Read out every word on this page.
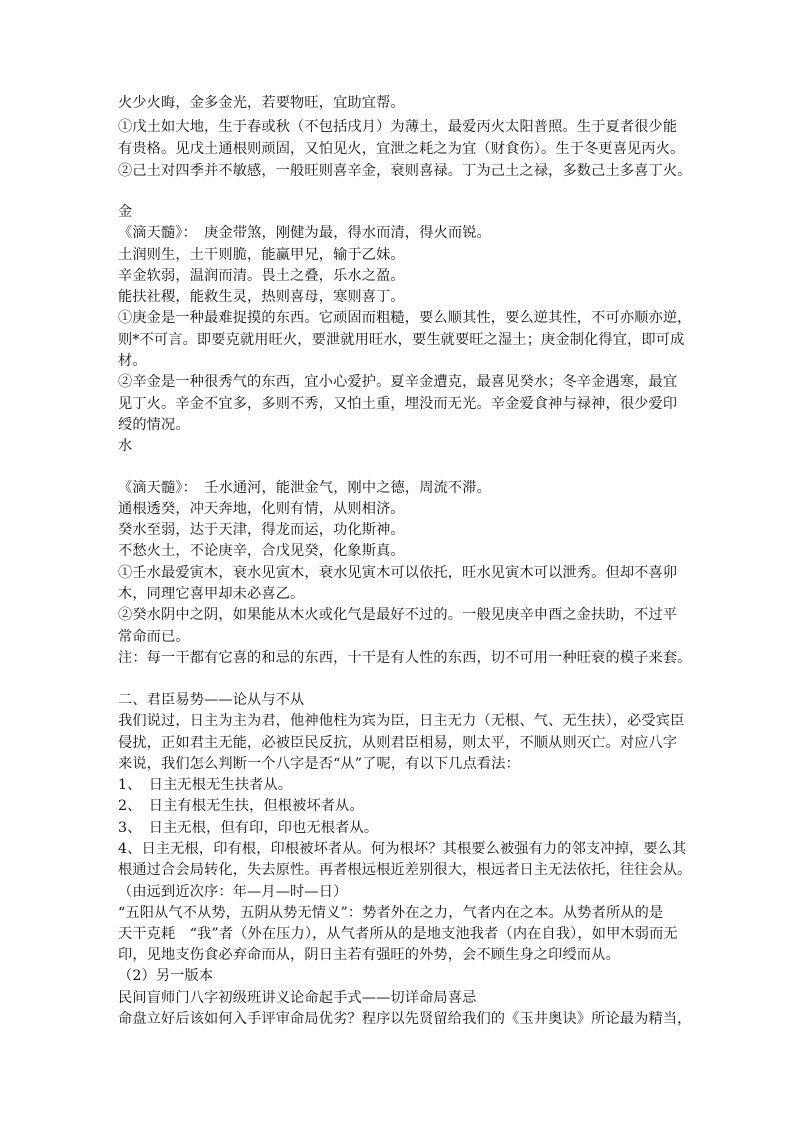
火少火晦，金多金光，若要物旺，宜助宜帮。
①戊土如大地，生于春或秋（不包括戌月）为薄土，最爱丙火太阳普照。生于夏者很少能
有贵格。见戊土通根则顽固，又怕见火，宜泄之耗之为宜（财食伤）。生于冬更喜见丙火。
②己土对四季并不敏感，一般旺则喜辛金，衰则喜禄。丁为己土之禄，多数己土多喜丁火。
金
《滴天髓》：　庚金带煞，刚健为最，得水而清，得火而锐。
土润则生，土干则脆，能赢甲兄，输于乙妹。
辛金软弱，温润而清。畏土之叠，乐水之盈。
能扶社稷，能救生灵，热则喜母，寒则喜丁。
①庚金是一种最难捉摸的东西。它顽固而粗糙，要么顺其性，要么逆其性，不可亦顺亦逆，
则*不可言。即要克就用旺火，要泄就用旺水，要生就要旺之湿土；庚金制化得宜，即可成
材。
②辛金是一种很秀气的东西，宜小心爱护。夏辛金遭克，最喜见癸水；冬辛金遇寒，最宜
见丁火。辛金不宜多，多则不秀，又怕土重，埋没而无光。辛金爱食神与禄神，很少爱印
绶的情况。
水
《滴天髓》：　壬水通河，能泄金气，刚中之德，周流不滞。
通根透癸，冲天奔地，化则有情，从则相济。
癸水至弱，达于天津，得龙而运，功化斯神。
不愁火土，不论庚辛，合戊见癸，化象斯真。
①壬水最爱寅木，衰水见寅木，衰水见寅木可以依托，旺水见寅木可以泄秀。但却不喜卯
木，同理它喜甲却未必喜乙。
②癸水阴中之阴，如果能从木火或化气是最好不过的。一般见庚辛申酉之金扶助，不过平
常命而已。
注：每一干都有它喜的和忌的东西，十干是有人性的东西，切不可用一种旺衰的模子来套。
二、君臣易势——论从与不从
我们说过，日主为主为君，他神他柱为宾为臣，日主无力（无根、气、无生扶），必受宾臣
侵扰，正如君主无能，必被臣民反抗，从则君臣相易，则太平，不顺从则灭亡。对应八字
来说，我们怎么判断一个八字是否“从”了呢，有以下几点看法：
1、　日主无根无生扶者从。
2、　日主有根无生扶，但根被坏者从。
3、　日主无根，但有印，印也无根者从。
4、日主无根，印有根，印根被坏者从。何为根坏？其根要么被强有力的邻支冲掉，要么其
根通过合会局转化，失去原性。再者根远根近差别很大，根远者日主无法依托，往往会从。
（由远到近次序：年—月—时—日）
“五阳从气不从势，五阴从势无情义”：势者外在之力，气者内在之本。从势者所从的是
天干克耗　“我”者（外在压力），从气者所从的是地支池我者（内在自我），如甲木弱而无
印，见地支伤食必弃命而从，阴日主若有强旺的外势，会不顾生身之印绶而从。
（2）另一版本
民间盲师门八字初级班讲义论命起手式——切详命局喜忌
命盘立好后该如何入手评审命局优劣？程序以先贤留给我们的《玉井奥诀》所论最为精当，
